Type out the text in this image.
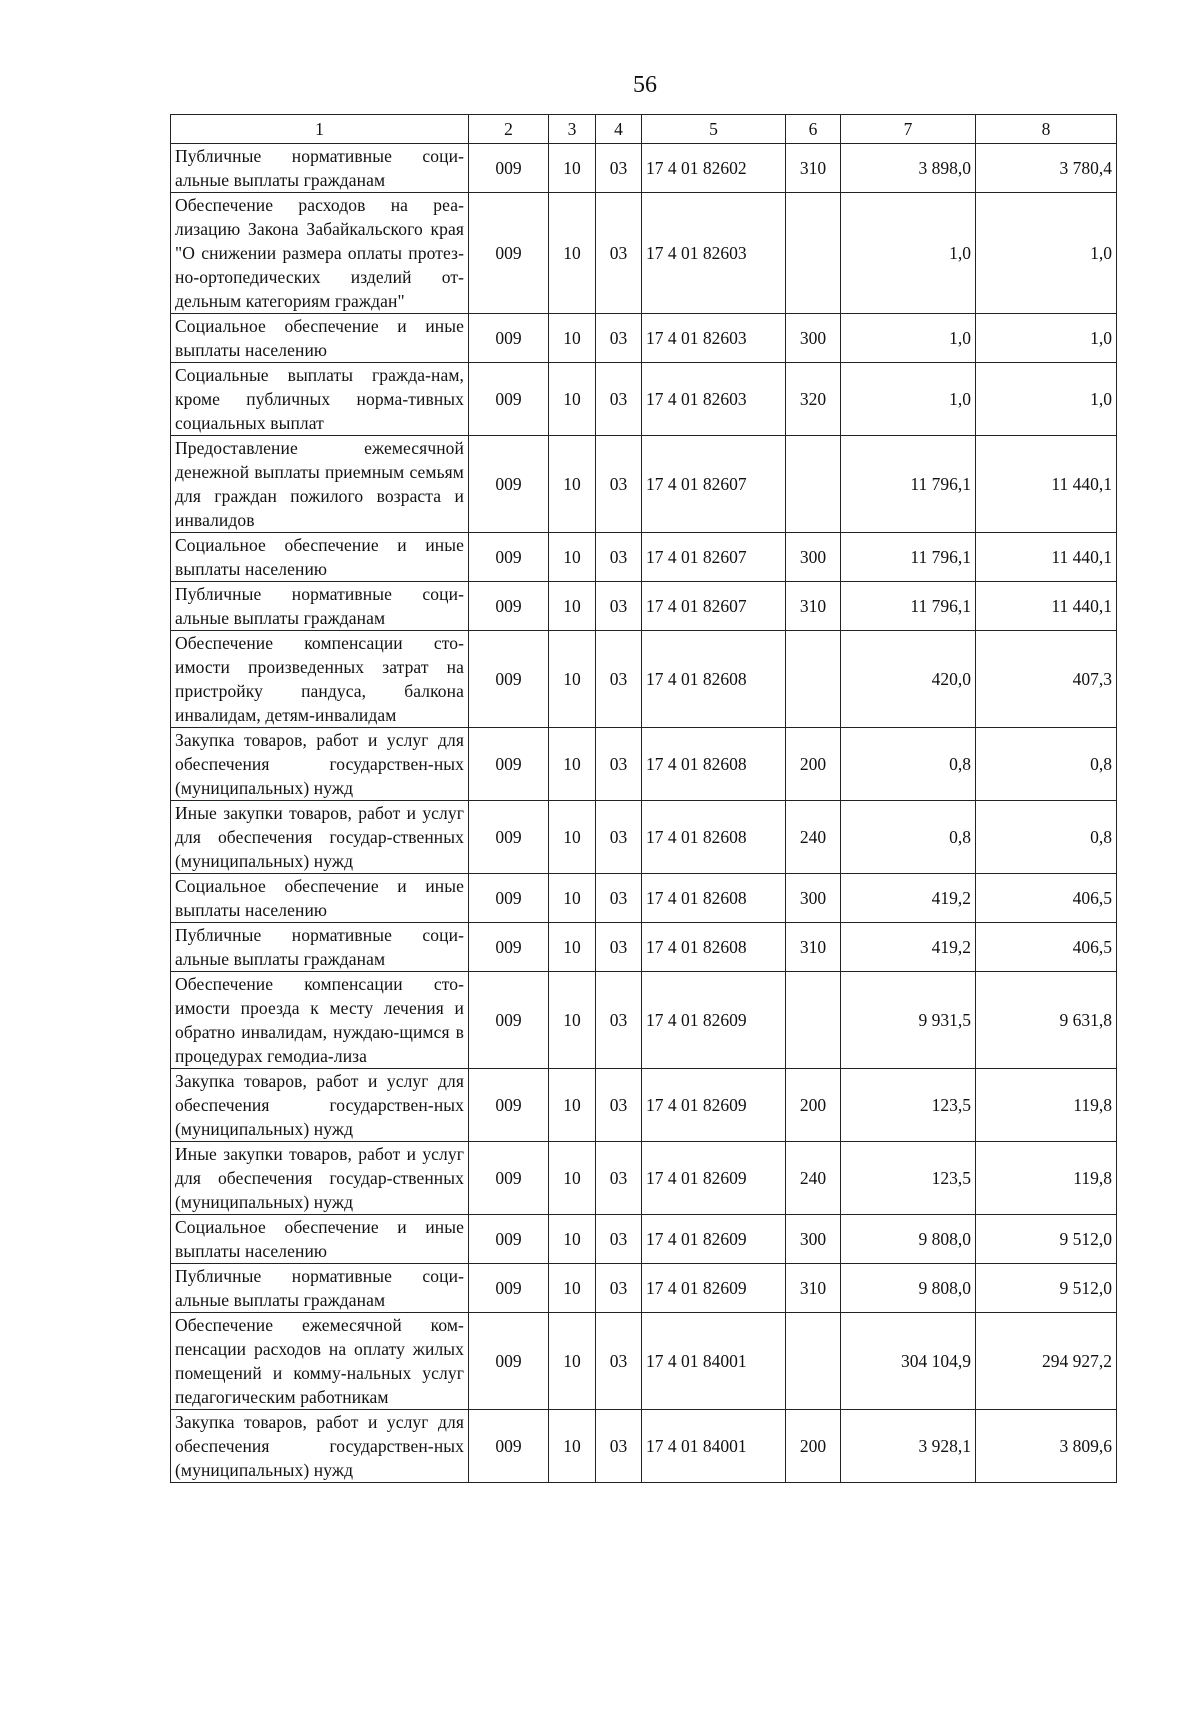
56
1	2	3	4	5	6	7	8
Публичные нормативные соци-альные выплаты гражданам	009	10	03	17 4 01 82602	310	3 898,0	3 780,4
Обеспечение расходов на реа-лизацию Закона Забайкальского края "О снижении размера оплаты протез-но-ортопедических изделий от-дельным категориям граждан"	009	10	03	17 4 01 82603		1,0	1,0
Социальное обеспечение и иные выплаты населению	009	10	03	17 4 01 82603	300	1,0	1,0
Социальные выплаты гражда-нам, кроме публичных норма-тивных социальных выплат	009	10	03	17 4 01 82603	320	1,0	1,0
Предоставление ежемесячной денежной выплаты приемным семьям для граждан пожилого возраста и инвалидов	009	10	03	17 4 01 82607		11 796,1	11 440,1
Социальное обеспечение и иные выплаты населению	009	10	03	17 4 01 82607	300	11 796,1	11 440,1
Публичные нормативные соци-альные выплаты гражданам	009	10	03	17 4 01 82607	310	11 796,1	11 440,1
Обеспечение компенсации сто-имости произведенных затрат на пристройку пандуса, балкона инвалидам, детям-инвалидам	009	10	03	17 4 01 82608		420,0	407,3
Закупка товаров, работ и услуг для обеспечения государствен-ных (муниципальных) нужд	009	10	03	17 4 01 82608	200	0,8	0,8
Иные закупки товаров, работ и услуг для обеспечения государ-ственных (муниципальных) нужд	009	10	03	17 4 01 82608	240	0,8	0,8
Социальное обеспечение и иные выплаты населению	009	10	03	17 4 01 82608	300	419,2	406,5
Публичные нормативные соци-альные выплаты гражданам	009	10	03	17 4 01 82608	310	419,2	406,5
Обеспечение компенсации сто-имости проезда к месту лечения и обратно инвалидам, нуждаю-щимся в процедурах гемодиа-лиза	009	10	03	17 4 01 82609		9 931,5	9 631,8
Закупка товаров, работ и услуг для обеспечения государствен-ных (муниципальных) нужд	009	10	03	17 4 01 82609	200	123,5	119,8
Иные закупки товаров, работ и услуг для обеспечения государ-ственных (муниципальных) нужд	009	10	03	17 4 01 82609	240	123,5	119,8
Социальное обеспечение и иные выплаты населению	009	10	03	17 4 01 82609	300	9 808,0	9 512,0
Публичные нормативные соци-альные выплаты гражданам	009	10	03	17 4 01 82609	310	9 808,0	9 512,0
Обеспечение ежемесячной ком-пенсации расходов на оплату жилых помещений и комму-нальных услуг педагогическим работникам	009	10	03	17 4 01 84001		304 104,9	294 927,2
Закупка товаров, работ и услуг для обеспечения государствен-ных (муниципальных) нужд	009	10	03	17 4 01 84001	200	3 928,1	3 809,6
